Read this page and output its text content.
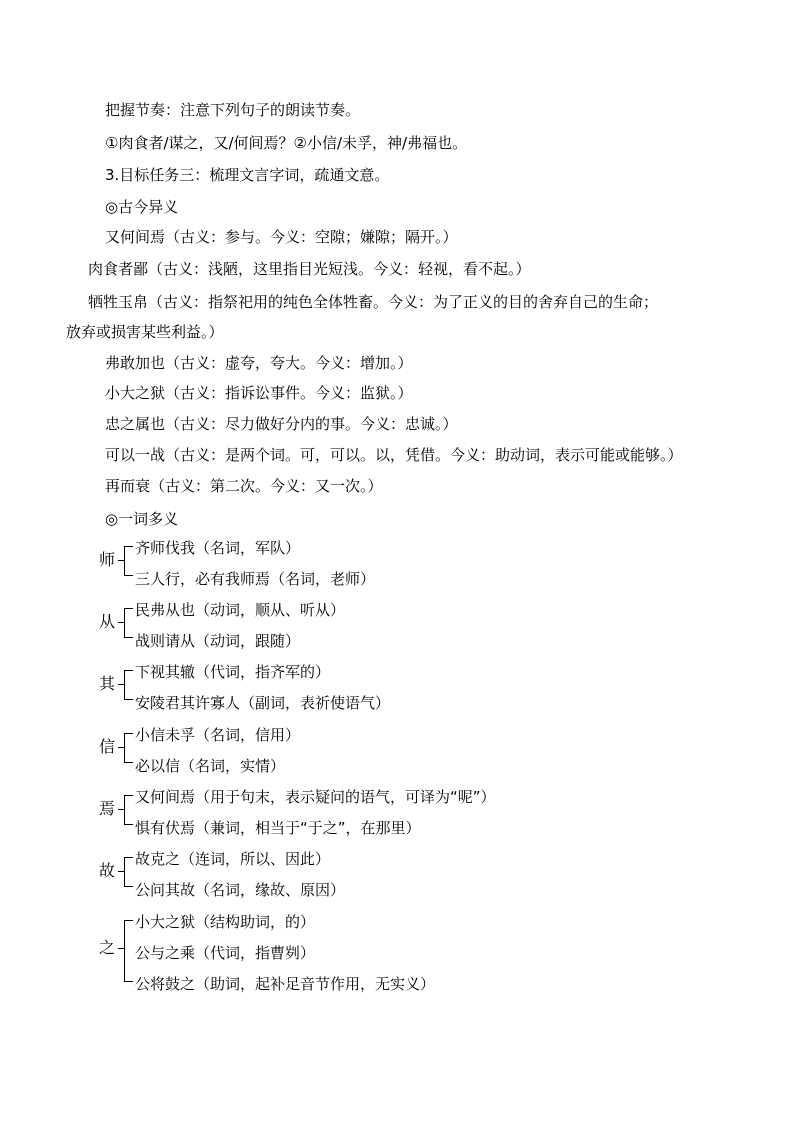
把握节奏：注意下列句子的朗读节奏。
①肉食者/谋之，又/何间焉？②小信/未孚，神/弗福也。
3.目标任务三：梳理文言字词，疏通文意。
◎古今异义
又何间焉（古义：参与。今义：空隙；嫌隙；隔开。）
肉食者鄙（古义：浅陋，这里指目光短浅。今义：轻视，看不起。）
牺牲玉帛（古义：指祭祀用的纯色全体牲畜。今义：为了正义的目的舍弃自己的生命；
放弃或损害某些利益。）
弗敢加也（古义：虚夸，夸大。今义：增加。）
小大之狱（古义：指诉讼事件。今义：监狱。）
忠之属也（古义：尽力做好分内的事。今义：忠诚。）
可以一战（古义：是两个词。可，可以。以，凭借。今义：助动词，表示可能或能够。）
再而衰（古义：第二次。今义：又一次。）
◎一词多义
师
齐师伐我（名词，军队）
三人行，必有我师焉（名词，老师）
从
民弗从也（动词，顺从、听从）
战则请从（动词，跟随）
其
下视其辙（代词，指齐军的）
安陵君其许寡人（副词，表祈使语气）
信
小信未孚（名词，信用）
必以信（名词，实情）
焉
又何间焉（用于句末，表示疑问的语气，可译为“呢”）
惧有伏焉（兼词，相当于“于之”，在那里）
故
故克之（连词，所以、因此）
公问其故（名词，缘故、原因）
之
小大之狱（结构助词，的）
公与之乘（代词，指曹刿）
公将鼓之（助词，起补足音节作用，无实义）
